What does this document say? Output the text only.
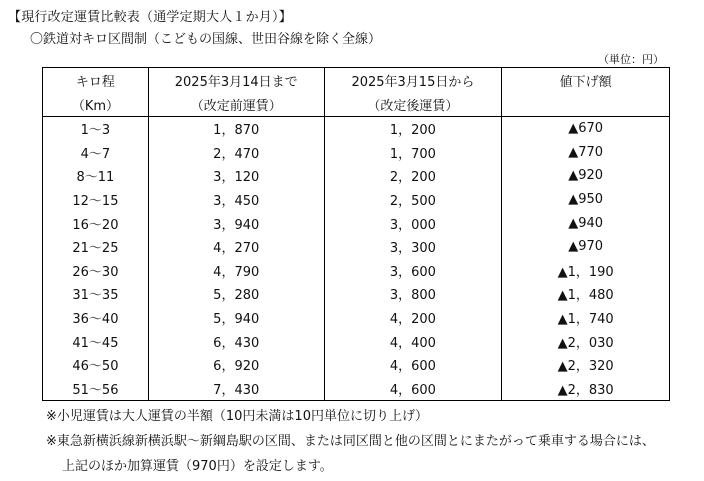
【現行改定運賃比較表（通学定期大人１か月）】
〇鉄道対キロ区間制（こどもの国線、世田谷線を除く全線）
（単位：円）
キロ程	2025年3月14日まで	2025年3月15日から	値下げ額
（Km）	（改定前運賃）	（改定後運賃）	
1～3	1，870	1，200	▲670
4～7	2，470	1，700	▲770
8～11	3，120	2，200	▲920
12～15	3，450	2，500	▲950
16～20	3，940	3，000	▲940
21～25	4，270	3，300	▲970
26～30	4，790	3，600	▲1，190
31～35	5，280	3，800	▲1，480
36～40	5，940	4，200	▲1，740
41～45	6，430	4，400	▲2，030
46～50	6，920	4，600	▲2，320
51～56	7，430	4，600	▲2，830
※小児運賃は大人運賃の半額（10円未満は10円単位に切り上げ）
※東急新横浜線新横浜駅～新綱島駅の区間、または同区間と他の区間とにまたがって乗車する場合には、
上記のほか加算運賃（970円）を設定します。
